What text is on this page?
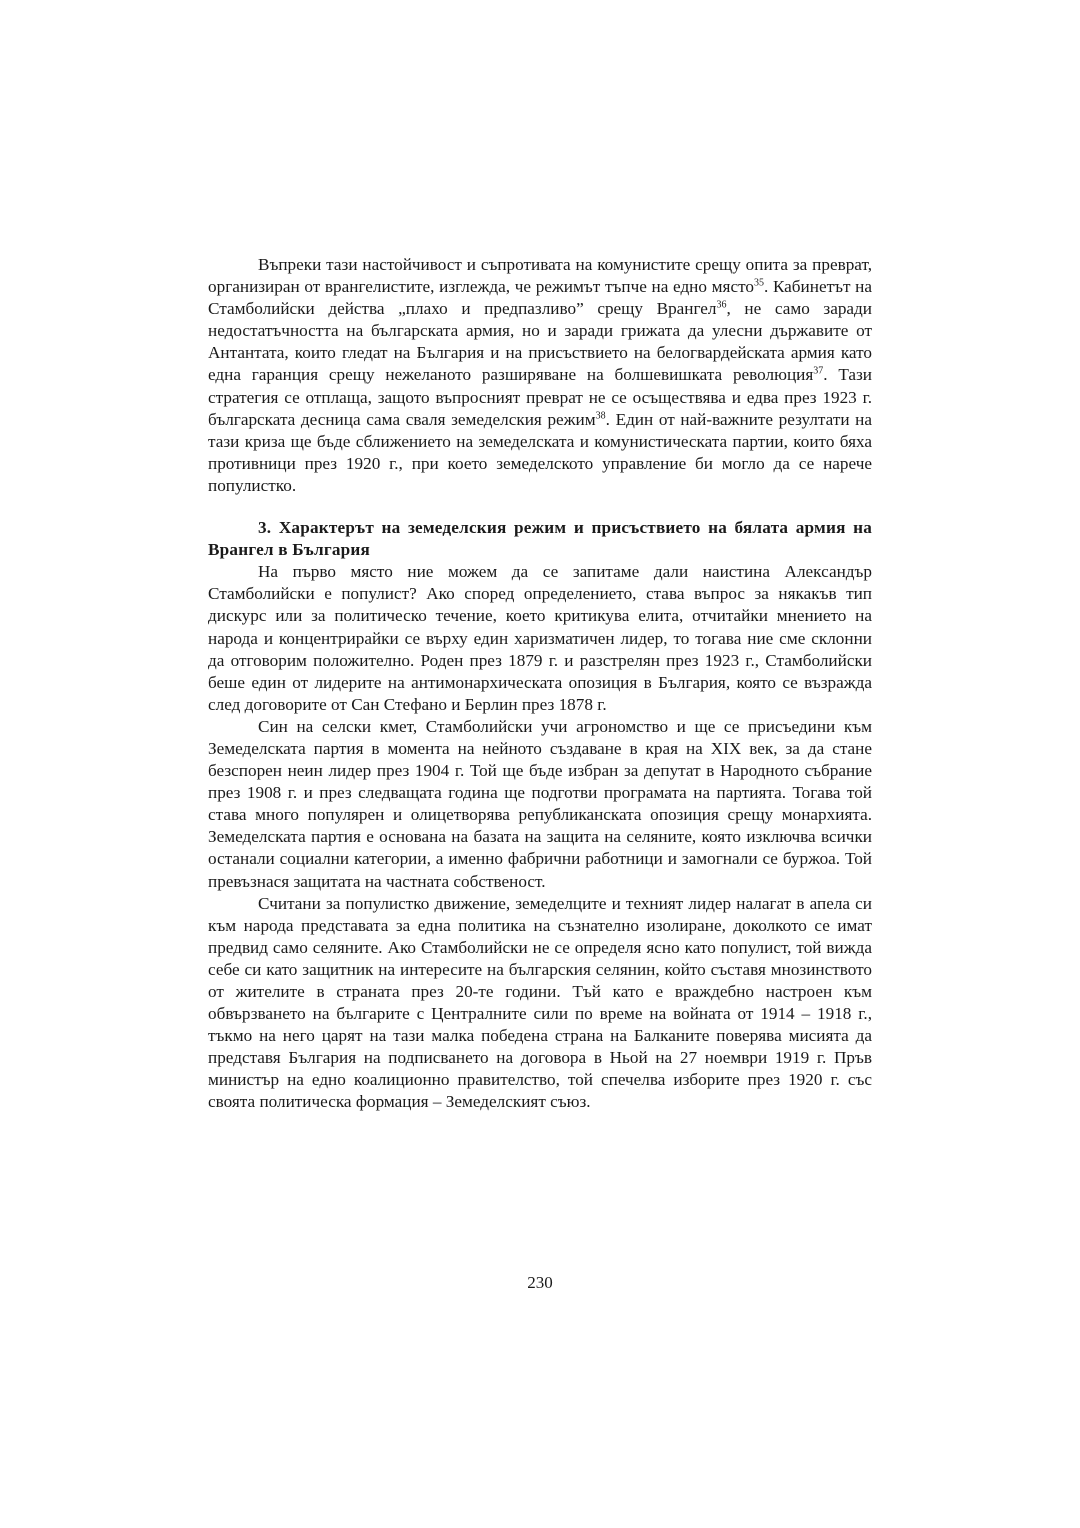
Въпреки тази настойчивост и съпротивата на комунистите срещу опита за преврат, организиран от врангелистите, изглежда, че режимът тъпче на едно място$^{35}$. Кабинетът на Стамболийски действа „плахо и предпазливо” срещу Врангел$^{36}$, не само заради недостатъчността на българската армия, но и заради грижата да улесни държавите от Антантата, които гледат на България и на присъствието на белогвардейската армия като една гаранция срещу нежеланото разширяване на болшевишката революция$^{37}$. Тази стратегия се отплаща, защото въпросният преврат не се осъществява и едва през 1923 г. българската десница сама сваля земеделския режим$^{38}$. Един от най-важните резултати на тази криза ще бъде сближението на земеделската и комунистическата партии, които бяха противници през 1920 г., при което земеделското управление би могло да се нарече популистко.

3. Характерът на земеделския режим и присъствието на бялата армия на Врангел в България

На първо място ние можем да се запитаме дали наистина Александър Стамболийски е популист? Ако според определението, става въпрос за някакъв тип дискурс или за политическо течение, което критикува елита, отчитайки мнението на народа и концентрирайки се върху един харизматичен лидер, то тогава ние сме склонни да отговорим положително. Роден през 1879 г. и разстрелян през 1923 г., Стамболийски беше един от лидерите на антимонархическата опозиция в България, която се възражда след договорите от Сан Стефано и Берлин през 1878 г.

Син на селски кмет, Стамболийски учи агрономство и ще се присъедини към Земеделската партия в момента на нейното създаване в края на XIX век, за да стане безспорен неин лидер през 1904 г. Той ще бъде избран за депутат в Народното събрание през 1908 г. и през следващата година ще подготви програмата на партията. Тогава той става много популярен и олицетворява републиканската опозиция срещу монархията. Земеделската партия е основана на базата на защита на селяните, която изключва всички останали социални категории, а именно фабрични работници и замогнали се буржоа. Той превъзнася защитата на частната собственост.

Считани за популистко движение, земеделците и техният лидер налагат в апела си към народа представата за една политика на съзнателно изолиране, доколкото се имат предвид само селяните. Ако Стамболийски не се определя ясно като популист, той вижда себе си като защитник на интересите на българския селянин, който съставя мнозинството от жителите в страната през 20-те години. Тъй като е враждебно настроен към обвързването на българите с Централните сили по време на войната от 1914 – 1918 г., тъкмо на него царят на тази малка победена страна на Балканите поверява мисията да представя България на подписването на договора в Ньой на 27 ноември 1919 г. Пръв министър на едно коалиционно правителство, той спечелва изборите през 1920 г. със своята политическа формация – Земеделският съюз.

230
